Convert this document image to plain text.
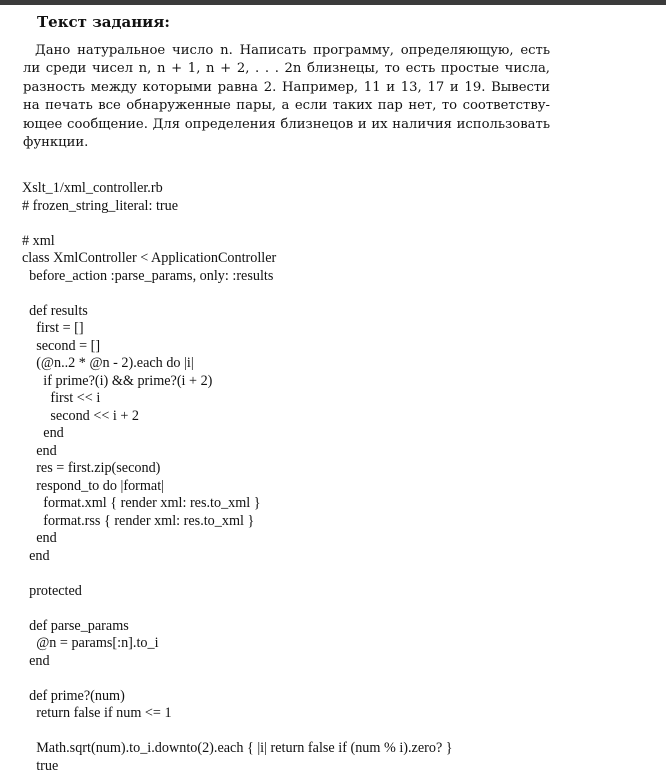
Текст задания:
Дано натуральное число n. Написать программу, определяющую, есть
ли среди чисел n, n + 1, n + 2, . . . 2n близнецы, то есть простые числа,
разность между которыми равна 2. Например, 11 и 13, 17 и 19. Вывести
на печать все обнаруженные пары, а если таких пар нет, то соответству-
ющее сообщение. Для определения близнецов и их наличия использовать
функции.
Xslt_1/xml_controller.rb
# frozen_string_literal: true
# xml
class XmlController < ApplicationController
before_action :parse_params, only: :results
def results
first = []
second = []
(@n..2 * @n - 2).each do |i|
if prime?(i) && prime?(i + 2)
first << i
second << i + 2
end
end
res = first.zip(second)
respond_to do |format|
format.xml { render xml: res.to_xml }
format.rss { render xml: res.to_xml }
end
end
protected
def parse_params
@n = params[:n].to_i
end
def prime?(num)
return false if num <= 1
Math.sqrt(num).to_i.downto(2).each { |i| return false if (num % i).zero? }
true
